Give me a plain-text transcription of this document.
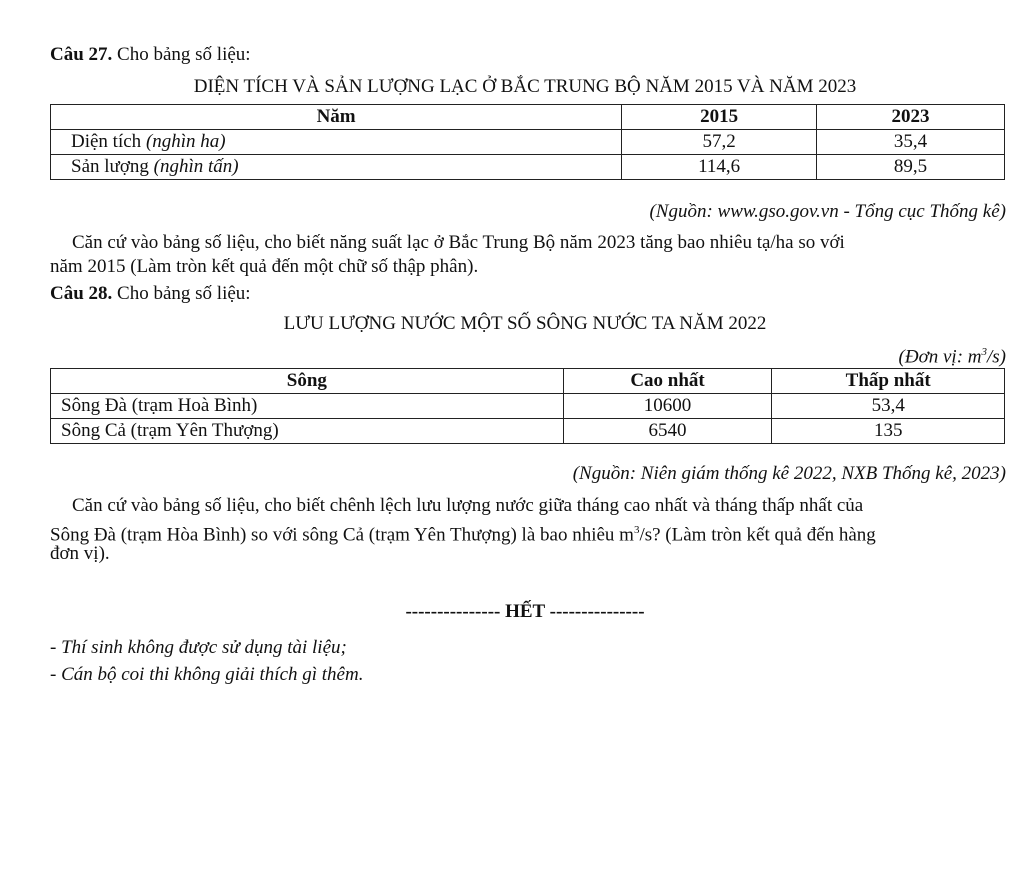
Câu 27. Cho bảng số liệu:
DIỆN TÍCH VÀ SẢN LƯỢNG LẠC Ở BẮC TRUNG BỘ NĂM 2015 VÀ NĂM 2023
Năm	2015	2023
Diện tích (nghìn ha)	57,2	35,4
Sản lượng (nghìn tấn)	114,6	89,5
(Nguồn: www.gso.gov.vn - Tổng cục Thống kê)
Căn cứ vào bảng số liệu, cho biết năng suất lạc ở Bắc Trung Bộ năm 2023 tăng bao nhiêu tạ/ha so với
năm 2015 (Làm tròn kết quả đến một chữ số thập phân).
Câu 28. Cho bảng số liệu:
LƯU LƯỢNG NƯỚC MỘT SỐ SÔNG NƯỚC TA NĂM 2022
(Đơn vị: $m^3/s$)
Sông	Cao nhất	Thấp nhất
Sông Đà (trạm Hoà Bình)	10600	53,4
Sông Cả (trạm Yên Thượng)	6540	135
(Nguồn: Niên giám thống kê 2022, NXB Thống kê, 2023)
Căn cứ vào bảng số liệu, cho biết chênh lệch lưu lượng nước giữa tháng cao nhất và tháng thấp nhất của
Sông Đà (trạm Hòa Bình) so với sông Cả (trạm Yên Thượng) là bao nhiêu $m^3/s$? (Làm tròn kết quả đến hàng
đơn vị).
--------------- HẾT ---------------
- Thí sinh không được sử dụng tài liệu;
- Cán bộ coi thi không giải thích gì thêm.
